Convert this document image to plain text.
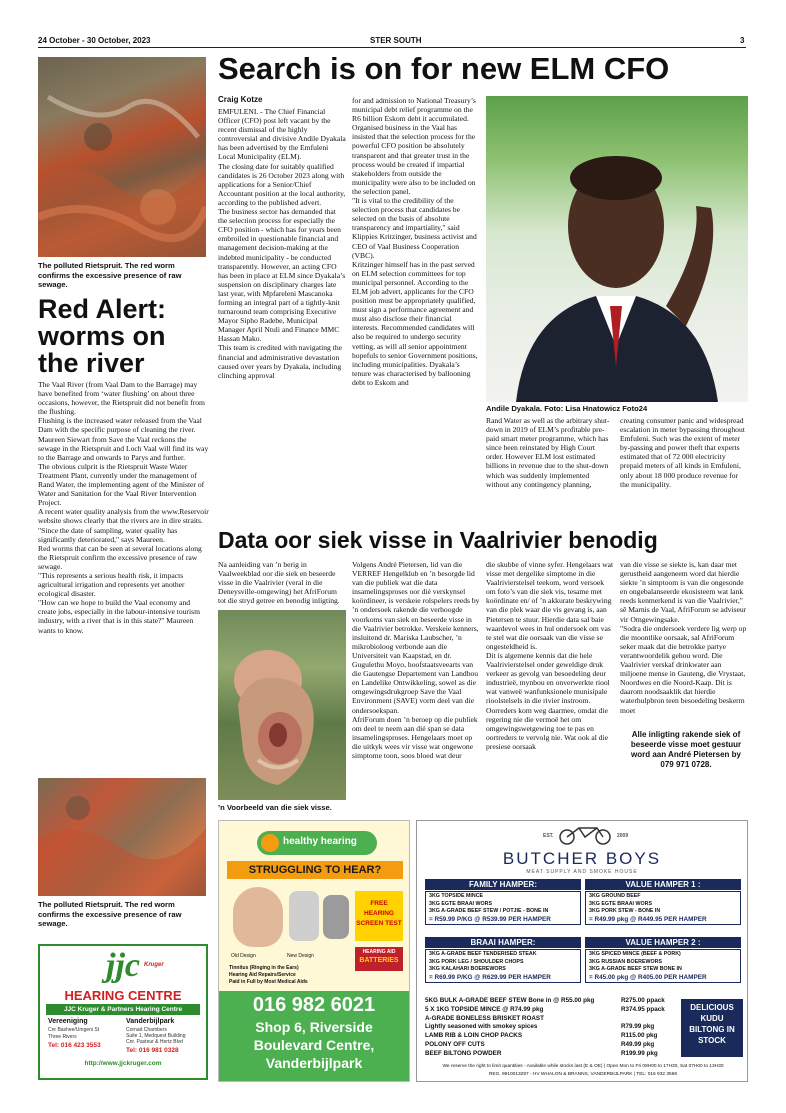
24 October - 30 October, 2023	STER SOUTH	3
The polluted Rietspruit. The red worm confirms the excessive presence of raw sewage.
Red Alert: worms on the river

The Vaal River (from Vaal Dam to the Barrage) may have benefited from ‘water flushing’ on about three occasions, however, the Rietspruit did not benefit from the flushing.

Flushing is the increased water released from the Vaal Dam with the specific purpose of cleaning the river.

Maureen Siewart from Save the Vaal reckons the sewage in the Rietspruit and Loch Vaal will find its way to the Barrage and onwards to Parys and further.

The obvious culprit is the Rietspruit Waste Water Treatment Plant, currently under the management of Rand Water, the implementing agent of the Minister of Water and Sanitation for the Vaal River Intervention Project.

A recent water quality analysis from the www.Reservoir website shows clearly that the rivers are in dire straits.

"Since the date of sampling, water quality has significantly deteriorated," says Maureen.

Red worms that can be seen at several locations along the Rietspruit confirm the excessive presence of raw sewage.

"This represents a serious health risk, it impacts agricultural irrigation and represents yet another ecological disaster.

"How can we hope to build the Vaal economy and create jobs, especially in the labour-intensive tourism industry, with a river that is in this state?" Maureen wants to know.

The polluted Rietspruit. The red worm confirms the excessive presence of raw sewage.
jjc Kruger
HEARING CENTRE
JJC Kruger & Partners Hearing Centre
Vereeniging
Cnr Bashee/Umgeni St
Three Rivers
Tel: 016 423 3553
Vanderbijlpark
Cornad Chambers
Suite 1, Medquest Building
Cnr. Pasteur & Hertz Blvd
Tel: 016 981 0328
http://www.jjckruger.com
Search is on for new ELM CFO
Craig Kotze

EMFULENI. - The Chief Financial Officer (CFO) post left vacant by the recent dismissal of the highly controversial and divisive Andile Dyakala has been advertised by the Emfuleni Local Municipality (ELM).

The closing date for suitably qualified candidates is 26 October 2023 along with applications for a Senior/Chief Accountant position at the local authority, according to the published advert.

The business sector has demanded that the selection process for especially the CFO position - which has for years been embroiled in questionable financial and management decision-making at the indebted municipality - be conducted transparently. However, an acting CFO has been in place at ELM since Dyakala’s suspension on disciplinary charges late last year, with Mpfareleni Mascanoka forming an integral part of a tightly-knit turnaround team comprising Executive Mayor Sipho Radebe, Municipal Manager April Ntuli and Finance MMC Hassan Mako.

This team is credited with navigating the financial and administrative devastation caused over years by Dyakala, including clinching approval

for and admission to National Treasury’s municipal debt relief programme on the R6 billion Eskom debt it accumulated.

Organised business in the Vaal has insisted that the selection process for the powerful CFO position be absolutely transparent and that greater trust in the process would be created if impartial stakeholders from outside the municipality were also to be included on the selection panel.

"It is vital to the credibility of the selection process that candidates be selected on the basis of absolute transparency and impartiality," said Klippies Kritzinger, business activist and CEO of Vaal Business Cooperation (VBC).

Kritzinger himself has in the past served on ELM selection committees for top municipal personnel. According to the ELM job advert, applicants for the CFO position must be appropriately qualified, must sign a performance agreement and must also disclose their financial interests. Recommended candidates will also be required to undergo security vetting, as will all senior appointment hopefuls to senior Government positions, including municipalities. Dyakala’s tenure was characterised by ballooning debt to Eskom and

Andile Dyakala. Foto: Lisa Hnatowicz Foto24

Rand Water as well as the arbitrary shut-down in 2019 of ELM’s profitable pre-paid smart meter programme, which has since been reinstated by High Court order. However ELM lost estimated billions in revenue due to the shut-down which was suddenly implemented without any contingency planning,

creating consumer panic and widespread escalation in meter bypassing throughout Emfuleni. Such was the extent of meter by-passing and power theft that experts estimated that of 72 000 electricity prepaid meters of all kinds in Emfuleni, only about 18 000 produce revenue for the municipality.

Data oor siek visse in Vaalrivier benodig

Na aanleiding van ’n berig in Vaalweekblad oor die siek en beseerde visse in die Vaalrivier (veral in die Deneysville-omgewing) het AfriForum tot die stryd getree en benodig inligting.

’n Voorbeeld van die siek visse.

Volgens André Pietersen, lid van die VERREF Hengelklub en ’n besorgde lid van die publiek wat die data insamelingsproses oor dié verskynsel koördineer, is verskeie rolspelers reeds by ’n ondersoek rakende die verhoogde voorkoms van siek en beseerde visse in die Vaalrivier betrokke. Verskeie kenners, insluitend dr. Mariska Laubscher, ’n mikrobioloog verbonde aan die Universiteit van Kaapstad, en dr. Gugulethu Moyo, hoofstaatsveearts van die Gautengse Departement van Landbou en Landelike Ontwikkeling, sowel as die omgewingsdrukgroep Save the Vaal Environment (SAVE) vorm deel van die ondersoekspan.

AfriForum doen ’n beroep op die publiek om deel te neem aan dié span se data insamelingsproses. Hengelaars moet op die uitkyk wees vir visse wat ongewone simptome toon, soos bloed wat deur

die skubbe of vinne syfer. Hengelaars wat visse met dergelike simptome in die Vaalrivierstelsel teekom, word versoek om foto’s van die siek vis, tesame met koördinate en/ of ’n akkurate beskrywing van die plek waar die vis gevang is, aan Pietersen te stuur. Hierdie data sal baie waardevol wees in hul ondersoek om vas te stel wat die oorsaak van die visse se ongesteldheid is.

Dit is algemene kennis dat die hele Vaalrivierstelsel onder geweldige druk verkeer as gevolg van besoedeling deur industrieë, mynbou en onverwerkte riool wat vanweë wanfunksionele munisipale rioolstelsels in die rivier instroom.

Oorreders kom weg daarmee, omdat die regering nie die vermoë het om omgewingswetgewing toe te pas en oortreders te vervolg nie. Wat ook al die presiese oorsaak

van die visse se siekte is, kan daar met gerustheid aangeneem word dat hierdie siekte ’n simptoom is van die ongesonde en ongebalanseerde ekosisteem wat lank reeds kenmerkend is van die Vaalrivier," sê Marnis de Vaal, AfriForum se adviseur vir Omgewingsake.

"Sodra die ondersoek verdere lig werp op die moontlike oorsaak, sal AfriForum seker maak dat die betrokke partye verantwoordelik gehou word. Die Vaalrivier verskaf drinkwater aan miljoene mense in Gauteng, die Vrystaat, Noordwes en die Noord-Kaap. Dit is daarom noodsaaklik dat hierdie waterhulpbron teen besoedeling beskerm moet

Alle inligting rakende siek of beseerde visse moet gestuur word aan André Pietersen by 079 971 0728.
healthy hearing
STRUGGLING TO HEAR?
FREE HEARING SCREEN TEST
Old Design	New Design
HEARING AID
BATTERIES
Tinnitus (Ringing in the Ears)
Hearing Aid Repairs/Service
Paid in Full by Most Medical Aids
016 982 6021
Shop 6, Riverside
Boulevard Centre,
Vanderbijlpark
EST.	2009
BUTCHER BOYS
MEAT SUPPLY AND SMOKE HOUSE
FAMILY HAMPER:
3KG TOPSIDE MINCE
3KG EGTE BRAAI WORS
3KG A-GRADE BEEF STEW / POTJIE - BONE IN
= R59.99 P/KG @ R539.99 PER HAMPER
VALUE HAMPER 1 :
3KG GROUND BEEF
3KG EGTE BRAAI WORS
3KG PORK STEW - BONE IN
= R49.99 pkg @ R449.95 PER HAMPER
BRAAI HAMPER:
3KG A-GRADE BEEF TENDERISED STEAK
3KG PORK LEG / SHOULDER CHOPS
3KG KALAHARI BOEREWORS
= R69.99 P/KG @ R629.99 PER HAMPER
VALUE HAMPER 2 :
3KG SPICED MINCE (BEEF & PORK)
3KG RUSSIAN BOEREWORS
3KG A-GRADE BEEF STEW BONE IN
= R45.00 pkg @ R405.00 PER HAMPER
5KG BULK A-GRADE BEEF STEW Bone in @ R55.00 pkg	R275.00 ppack
5 X 1KG TOPSIDE MINCE @ R74.99 pkg	R374.95 ppack
A-GRADE BONELESS BRISKET ROAST
Lightly seasoned with smokey spices	R79.99 pkg
LAMB RIB & LOIN CHOP PACKS	R115.00 pkg
POLONY OFF CUTS	R49.99 pkg
BEEF BILTONG POWDER	R199.99 pkg
DELICIOUS KUDU BILTONG IN STOCK
We reserve the right to limit quantities - Available while stocks last (E & OE) | Open Mon to Fri 08H00 to 17H30, Sat 07H00 to 13H30
REG. 9910013297 - HV WHALON & BRANNS, VANDERBIJLPARK | TEL: 016 932 3569
